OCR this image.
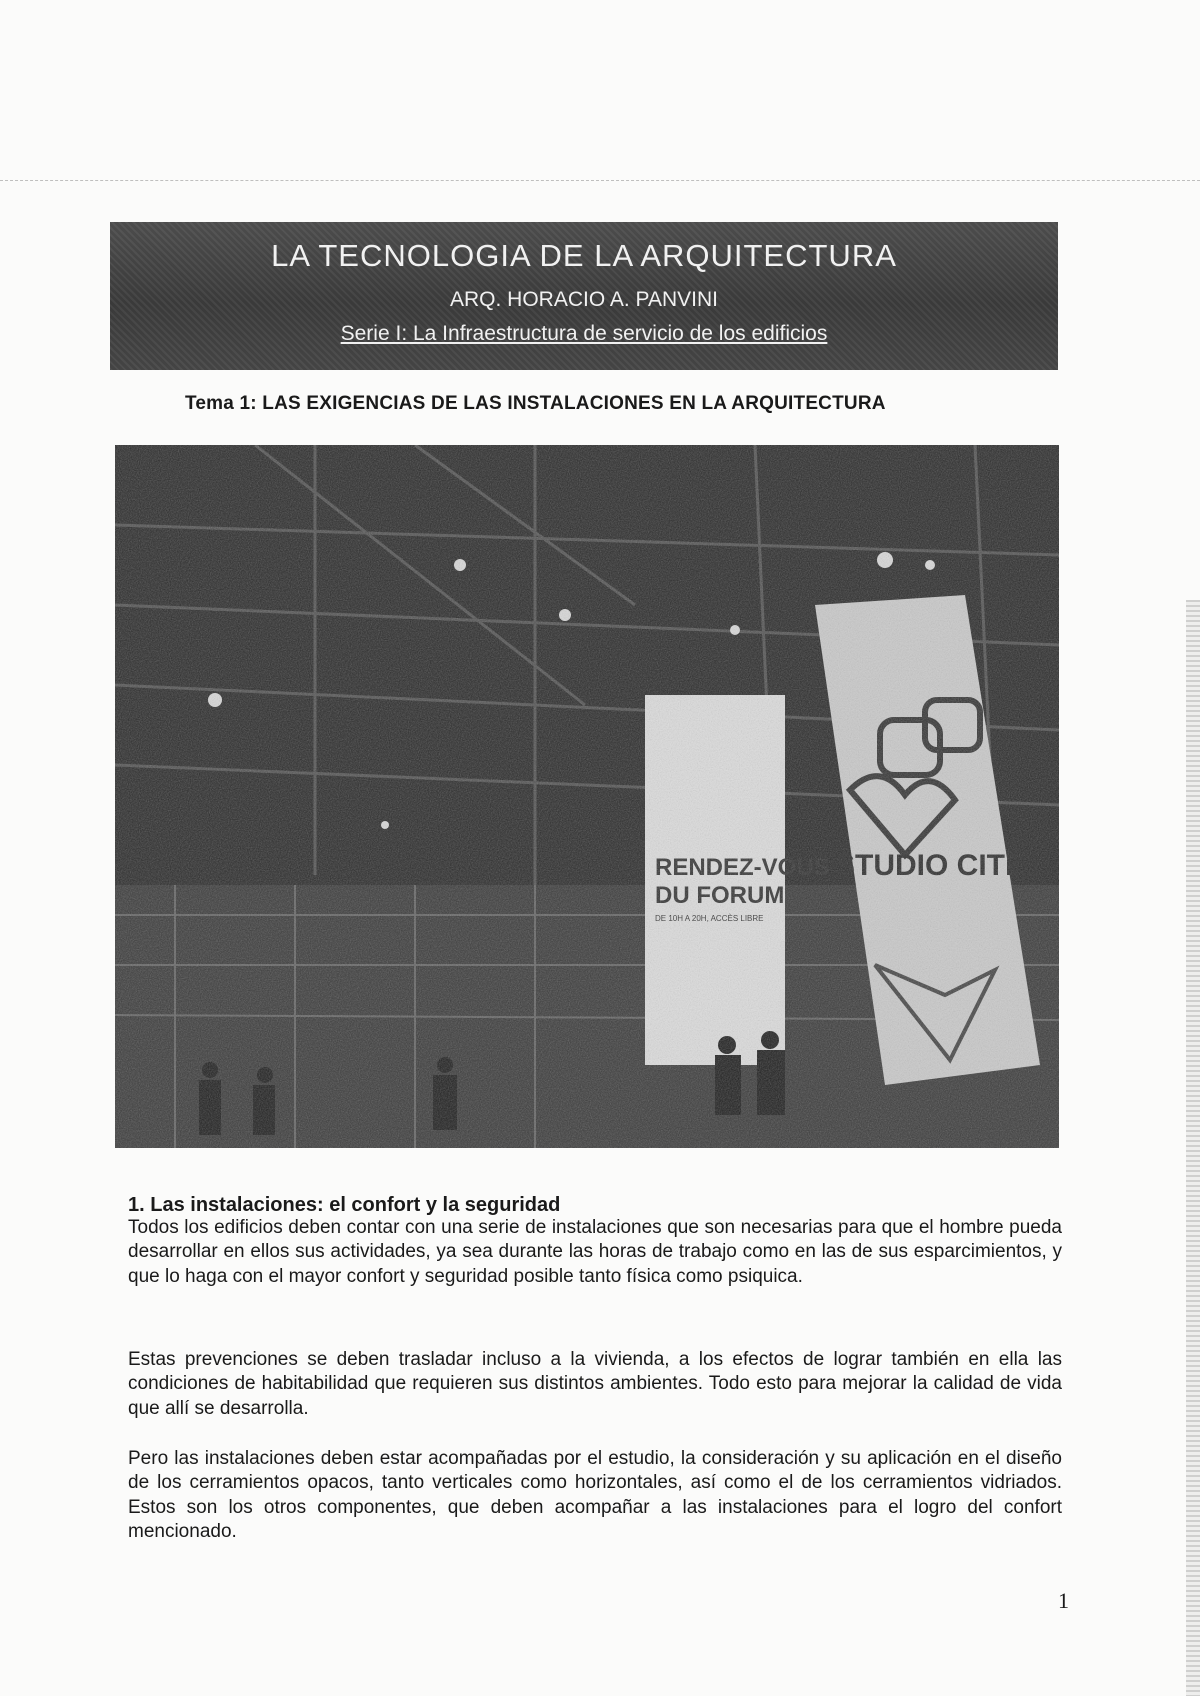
LA TECNOLOGIA DE LA ARQUITECTURA
ARQ. HORACIO A. PANVINI
Serie I: La Infraestructura de servicio de los edificios
Tema 1: LAS EXIGENCIAS DE LAS INSTALACIONES EN LA ARQUITECTURA
RENDEZ-VOUS
DU FORUM
DE 10H A 20H, ACCÈS LIBRE
STUDIO CITÉ
1. Las instalaciones: el confort y la seguridad

Todos los edificios deben contar con una serie de instalaciones que son necesarias para que el hombre pueda desarrollar en ellos sus actividades, ya sea durante las horas de trabajo como en las de sus esparcimientos, y que lo haga con el mayor confort y seguridad posible tanto física como psiquica.

Estas prevenciones se deben trasladar incluso a la vivienda, a los efectos de lograr también en ella las condiciones de habitabilidad que requieren sus distintos ambientes. Todo esto para mejorar la calidad de vida que allí se desarrolla.

Pero las instalaciones deben estar acompañadas por el estudio, la consideración y su aplicación en el diseño de los cerramientos opacos, tanto verticales como horizontales, así como el de los cerramientos vidriados. Estos son los otros componentes, que deben acompañar a las instalaciones para el logro del confort mencionado.

1
